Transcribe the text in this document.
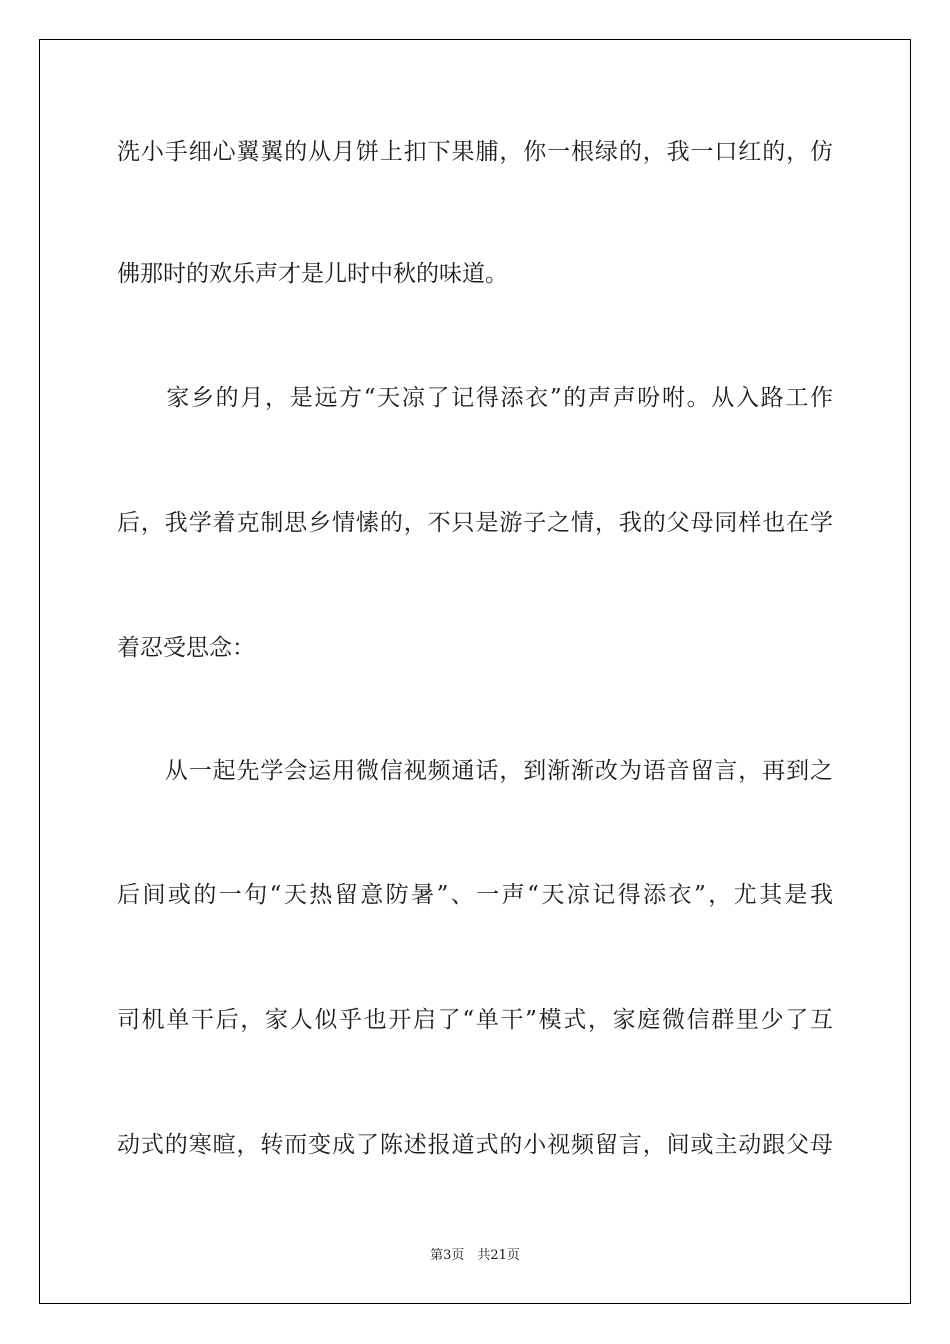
洗小手细心翼翼的从月饼上扣下果脯，你一根绿的，我一口红的，仿
佛那时的欢乐声才是儿时中秋的味道。
　　家乡的月，是远方“天凉了记得添衣”的声声吩咐。从入路工作
后，我学着克制思乡情愫的，不只是游子之情，我的父母同样也在学
着忍受思念：
　　从一起先学会运用微信视频通话，到渐渐改为语音留言，再到之
后间或的一句“天热留意防暑”、一声“天凉记得添衣”，尤其是我
司机单干后，家人似乎也开启了“单干”模式，家庭微信群里少了互
动式的寒暄，转而变成了陈述报道式的小视频留言，间或主动跟父母
第3页　共21页
